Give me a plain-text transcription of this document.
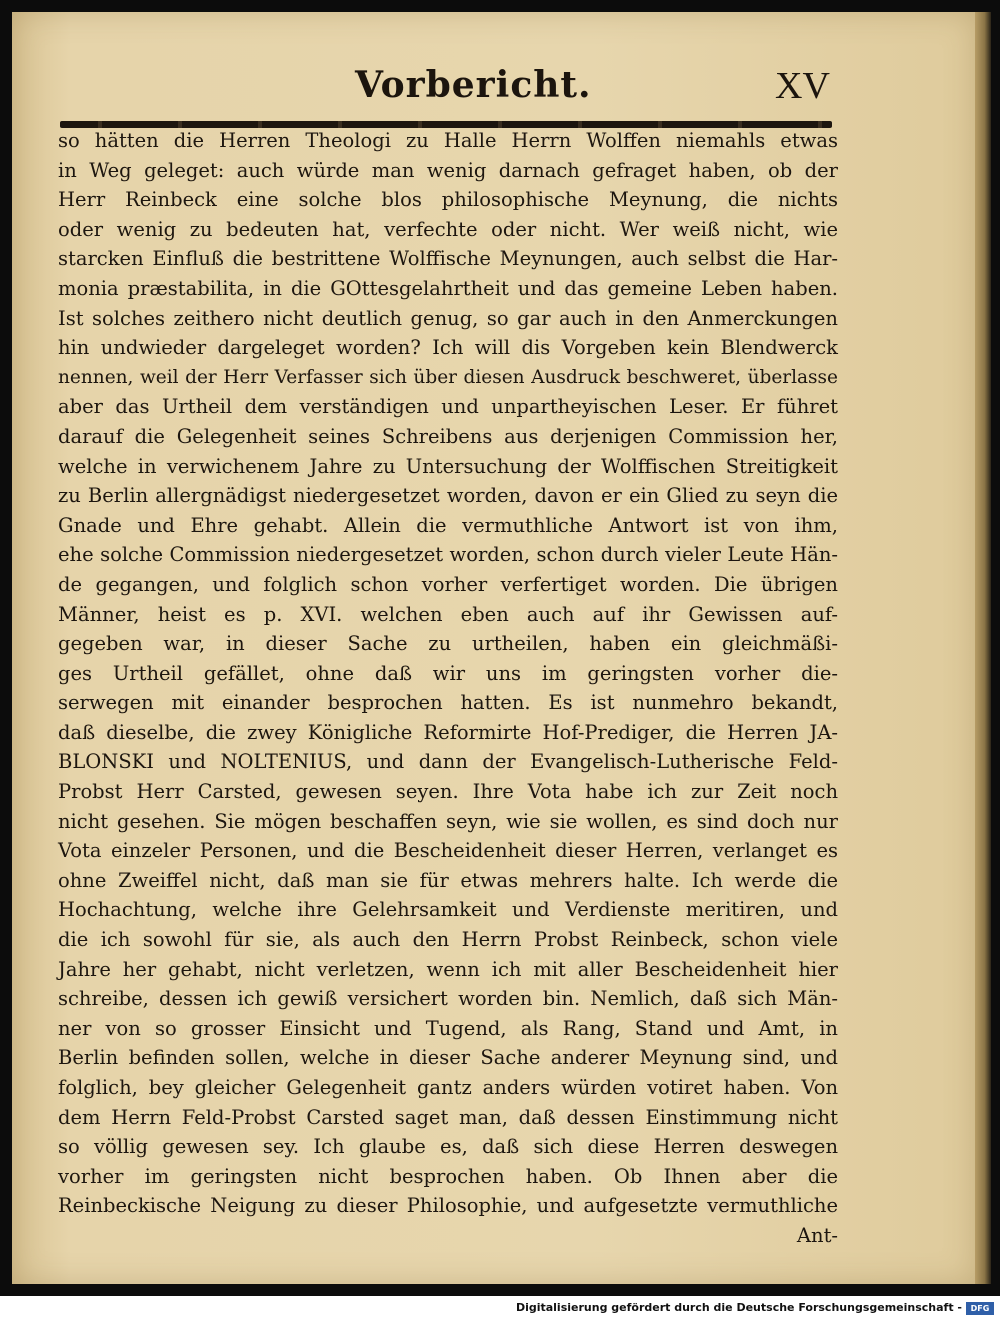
Vorbericht.	XV
so hätten die Herren Theologi zu Halle Herrn Wolffen niemahls etwas
in Weg geleget: auch würde man wenig darnach gefraget haben, ob der
Herr Reinbeck eine solche blos philosophische Meynung, die nichts
oder wenig zu bedeuten hat, verfechte oder nicht. Wer weiß nicht, wie
starcken Einfluß die bestrittene Wolffische Meynungen, auch selbst die Har-
monia præstabilita, in die GOttesgelahrtheit und das gemeine Leben haben.
Ist solches zeithero nicht deutlich genug, so gar auch in den Anmerckungen
hin undwieder dargeleget worden? Ich will dis Vorgeben kein Blendwerck
nennen, weil der Herr Verfasser sich über diesen Ausdruck beschweret, überlasse
aber das Urtheil dem verständigen und unpartheyischen Leser. Er führet
darauf die Gelegenheit seines Schreibens aus derjenigen Commission her,
welche in verwichenem Jahre zu Untersuchung der Wolffischen Streitigkeit
zu Berlin allergnädigst niedergesetzet worden, davon er ein Glied zu seyn die
Gnade und Ehre gehabt. Allein die vermuthliche Antwort ist von ihm,
ehe solche Commission niedergesetzet worden, schon durch vieler Leute Hän-
de gegangen, und folglich schon vorher verfertiget worden. Die übrigen
Männer, heist es p. XVI. welchen eben auch auf ihr Gewissen auf-
gegeben war, in dieser Sache zu urtheilen, haben ein gleichmäßi-
ges Urtheil gefället, ohne daß wir uns im geringsten vorher die-
serwegen mit einander besprochen hatten. Es ist nunmehro bekandt,
daß dieselbe, die zwey Königliche Reformirte Hof-Prediger, die Herren JA-
BLONSKI und NOLTENIUS, und dann der Evangelisch-Lutherische Feld-
Probst Herr Carsted, gewesen seyen. Ihre Vota habe ich zur Zeit noch
nicht gesehen. Sie mögen beschaffen seyn, wie sie wollen, es sind doch nur
Vota einzeler Personen, und die Bescheidenheit dieser Herren, verlanget es
ohne Zweiffel nicht, daß man sie für etwas mehrers halte. Ich werde die
Hochachtung, welche ihre Gelehrsamkeit und Verdienste meritiren, und
die ich sowohl für sie, als auch den Herrn Probst Reinbeck, schon viele
Jahre her gehabt, nicht verletzen, wenn ich mit aller Bescheidenheit hier
schreibe, dessen ich gewiß versichert worden bin. Nemlich, daß sich Män-
ner von so grosser Einsicht und Tugend, als Rang, Stand und Amt, in
Berlin befinden sollen, welche in dieser Sache anderer Meynung sind, und
folglich, bey gleicher Gelegenheit gantz anders würden votiret haben. Von
dem Herrn Feld-Probst Carsted saget man, daß dessen Einstimmung nicht
so völlig gewesen sey. Ich glaube es, daß sich diese Herren deswegen
vorher im geringsten nicht besprochen haben. Ob Ihnen aber die
Reinbeckische Neigung zu dieser Philosophie, und aufgesetzte vermuthliche
Ant-
Digitalisierung gefördert durch die Deutsche Forschungsgemeinschaft -	DFG
